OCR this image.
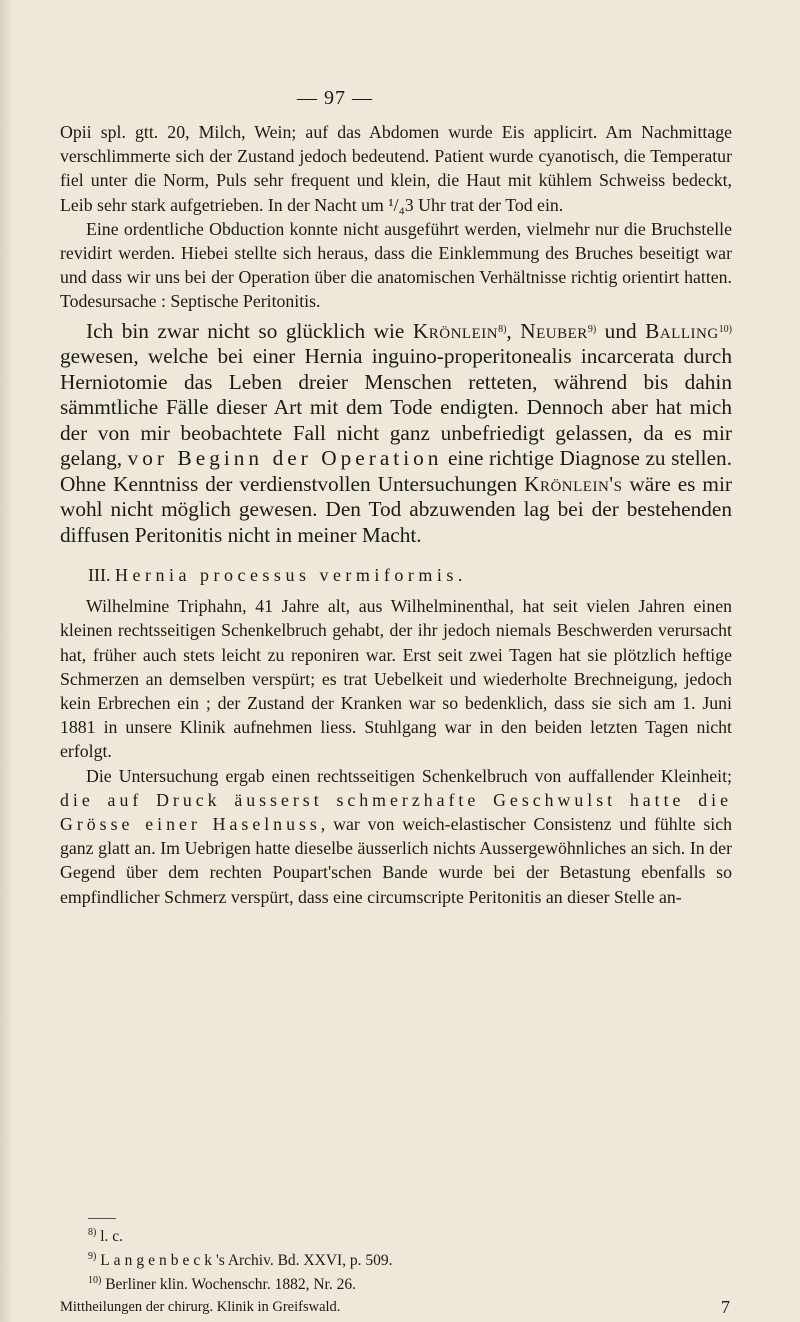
— 97 —

Opii spl. gtt. 20, Milch, Wein; auf das Abdomen wurde Eis applicirt. Am Nachmittage verschlimmerte sich der Zustand jedoch bedeutend. Patient wurde cyanotisch, die Temperatur fiel unter die Norm, Puls sehr frequent und klein, die Haut mit kühlem Schweiss bedeckt, Leib sehr stark aufgetrieben. In der Nacht um ¹/₄3 Uhr trat der Tod ein.

Eine ordentliche Obduction konnte nicht ausgeführt werden, vielmehr nur die Bruchstelle revidirt werden. Hiebei stellte sich heraus, dass die Einklemmung des Bruches beseitigt war und dass wir uns bei der Operation über die anatomischen Verhältnisse richtig orientirt hatten. Todesursache : Septische Peritonitis.

Ich bin zwar nicht so glücklich wie Krönlein$^{8)}$, Neuber$^{9)}$ und Balling$^{10)}$ gewesen, welche bei einer Hernia inguino-properitonealis incarcerata durch Herniotomie das Leben dreier Menschen retteten, während bis dahin sämmtliche Fälle dieser Art mit dem Tode endigten. Dennoch aber hat mich der von mir beobachtete Fall nicht ganz unbefriedigt gelassen, da es mir gelang, vor Beginn der Operation eine richtige Diagnose zu stellen. Ohne Kenntniss der verdienstvollen Untersuchungen Krönlein's wäre es mir wohl nicht möglich gewesen. Den Tod abzuwenden lag bei der bestehenden diffusen Peritonitis nicht in meiner Macht.

III. Hernia processus vermiformis.

Wilhelmine Triphahn, 41 Jahre alt, aus Wilhelminenthal, hat seit vielen Jahren einen kleinen rechtsseitigen Schenkelbruch gehabt, der ihr jedoch niemals Beschwerden verursacht hat, früher auch stets leicht zu reponiren war. Erst seit zwei Tagen hat sie plötzlich heftige Schmerzen an demselben verspürt; es trat Uebelkeit und wiederholte Brechneigung, jedoch kein Erbrechen ein ; der Zustand der Kranken war so bedenklich, dass sie sich am 1. Juni 1881 in unsere Klinik aufnehmen liess. Stuhlgang war in den beiden letzten Tagen nicht erfolgt.

Die Untersuchung ergab einen rechtsseitigen Schenkelbruch von auffallender Kleinheit; die auf Druck äusserst schmerzhafte Geschwulst hatte die Grösse einer Haselnuss, war von weich-elastischer Consistenz und fühlte sich ganz glatt an. Im Uebrigen hatte dieselbe äusserlich nichts Aussergewöhnliches an sich. In der Gegend über dem rechten Poupart'schen Bande wurde bei der Betastung ebenfalls so empfindlicher Schmerz verspürt, dass eine circumscripte Peritonitis an dieser Stelle an-

$^{8)}$ l. c.
$^{9)}$ Langenbeck's Archiv. Bd. XXVI, p. 509.
$^{10)}$ Berliner klin. Wochenschr. 1882, Nr. 26.
Mittheilungen der chirurg. Klinik in Greifswald.	7
